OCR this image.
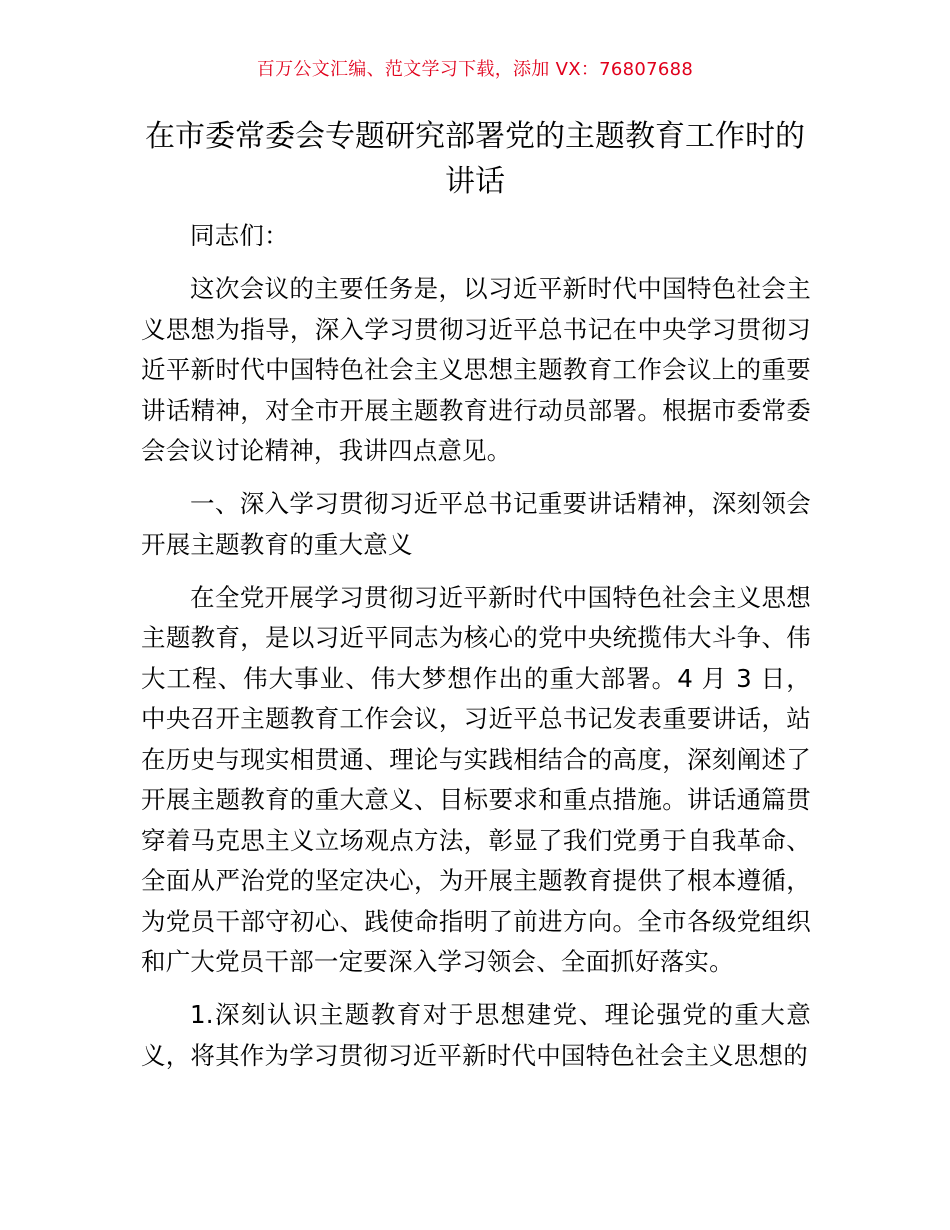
百万公文汇编、范文学习下载，添加 VX：76807688
在市委常委会专题研究部署党的主题教育工作时的讲话

同志们：

这次会议的主要任务是，以习近平新时代中国特色社会主义思想为指导，深入学习贯彻习近平总书记在中央学习贯彻习近平新时代中国特色社会主义思想主题教育工作会议上的重要讲话精神，对全市开展主题教育进行动员部署。根据市委常委会会议讨论精神，我讲四点意见。

一、深入学习贯彻习近平总书记重要讲话精神，深刻领会开展主题教育的重大意义

在全党开展学习贯彻习近平新时代中国特色社会主义思想主题教育，是以习近平同志为核心的党中央统揽伟大斗争、伟大工程、伟大事业、伟大梦想作出的重大部署。4 月 3 日，中央召开主题教育工作会议，习近平总书记发表重要讲话，站在历史与现实相贯通、理论与实践相结合的高度，深刻阐述了开展主题教育的重大意义、目标要求和重点措施。讲话通篇贯穿着马克思主义立场观点方法，彰显了我们党勇于自我革命、全面从严治党的坚定决心，为开展主题教育提供了根本遵循，为党员干部守初心、践使命指明了前进方向。全市各级党组织和广大党员干部一定要深入学习领会、全面抓好落实。

1.深刻认识主题教育对于思想建党、理论强党的重大意义，将其作为学习贯彻习近平新时代中国特色社会主义思想的
